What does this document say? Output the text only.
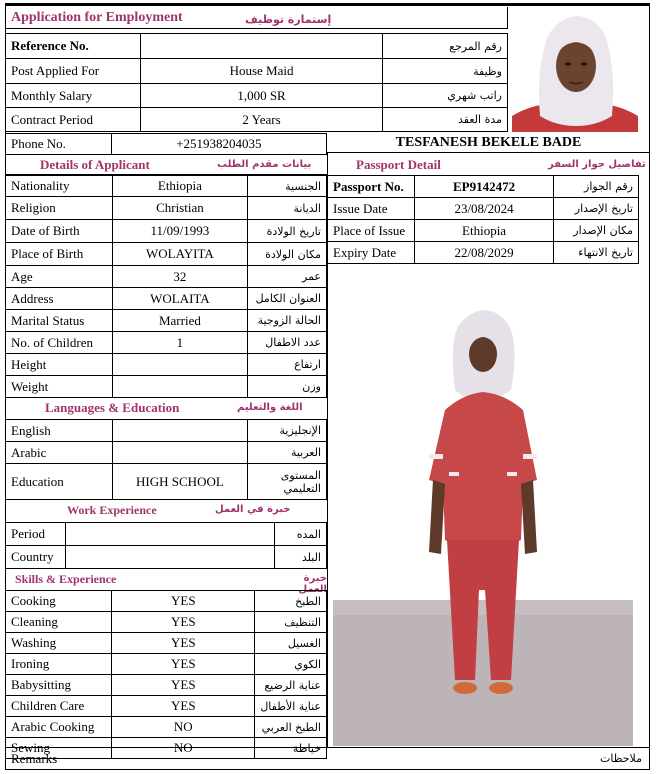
Application for Employment		إستمارة توظيف
Reference No.		رقم المرجع
Post Applied For	House Maid	وظيفة
Monthly Salary	1,000 SR	راتب شهري
Contract Period	2 Years	مدة العقد
Phone No.	+251938204035	TESFANESH BEKELE BADE
Details of Applicant	بيانات مقدم الطلب
Nationality	Ethiopia	الجنسية
Religion	Christian	الديانة
Date of Birth	11/09/1993	تاريخ الولادة
Place of Birth	WOLAYITA	مكان الولادة
Age	32	عمر
Address	WOLAITA	العنوان الكامل
Marital Status	Married	الحالة الزوجية
No. of Children	1	عدد الاطفال
Height		ارتفاع
Weight		وزن
Passport Detail	تفاصيل جواز السفر
Passport No.	EP9142472	رقم الجواز
Issue Date	23/08/2024	تاريخ الإصدار
Place of Issue	Ethiopia	مكان الإصدار
Expiry Date	22/08/2029	تاريخ الانتهاء
Languages & Education	اللغة والتعليم
English		الإنجليزية
Arabic		العربية
Education	HIGH SCHOOL	المستوى التعليمي
Work Experience	خبرة في العمل
Period		المده
Country		البلد
Skills & Experience	خبرة العمل
Cooking	YES	الطبخ
Cleaning	YES	التنظيف
Washing	YES	الغسيل
Ironing	YES	الكوي
Babysitting	YES	عناية الرضيع
Children Care	YES	عناية الأطفال
Arabic Cooking	NO	الطبخ العربي
Sewing	NO	خياطة
Remarks	ملاحظات
